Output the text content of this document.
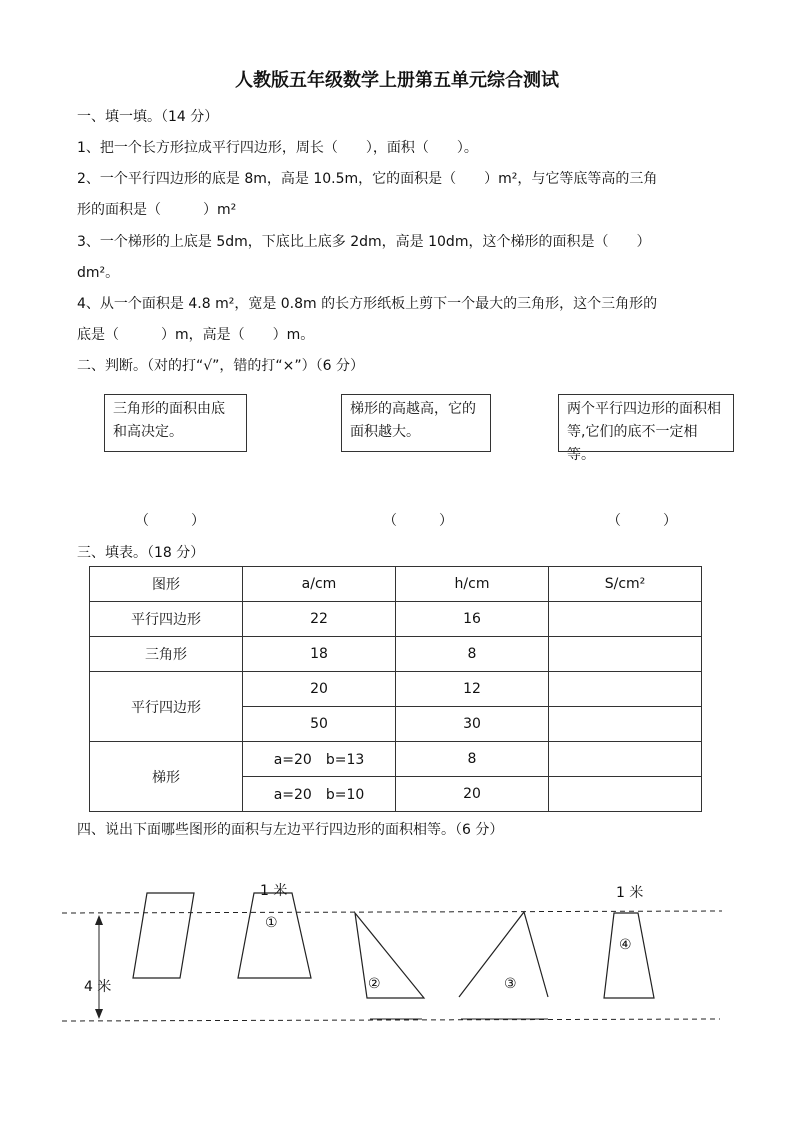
人教版五年级数学上册第五单元综合测试
一、填一填。（14 分）
1、把一个长方形拉成平行四边形，周长（　　），面积（　　）。
2、一个平行四边形的底是 8m，高是 10.5m，它的面积是（　　）m²，与它等底等高的三角
形的面积是（　　　）m²
3、一个梯形的上底是 5dm，下底比上底多 2dm，高是 10dm，这个梯形的面积是（　　）
dm²。
4、从一个面积是 4.8 m²，宽是 0.8m 的长方形纸板上剪下一个最大的三角形，这个三角形的
底是（　　　）m，高是（　　）m。
二、判断。（对的打“√”，错的打“×”）（6 分）
三角形的面积由底和高决定。
梯形的高越高，它的面积越大。
两个平行四边形的面积相等,它们的底不一定相等。
（　　　）	（　　　）	（　　　）
三、填表。（18 分）
图形	a/cm	h/cm	S/cm²
平行四边形	22	16	
三角形	18	8	
平行四边形	20	12	
	50	30	
梯形	a=20　b=13	8	
	a=20　b=10	20	
四、说出下面哪些图形的面积与左边平行四边形的面积相等。（6 分）
4 米
1 米	1 米
①
②	③
④
